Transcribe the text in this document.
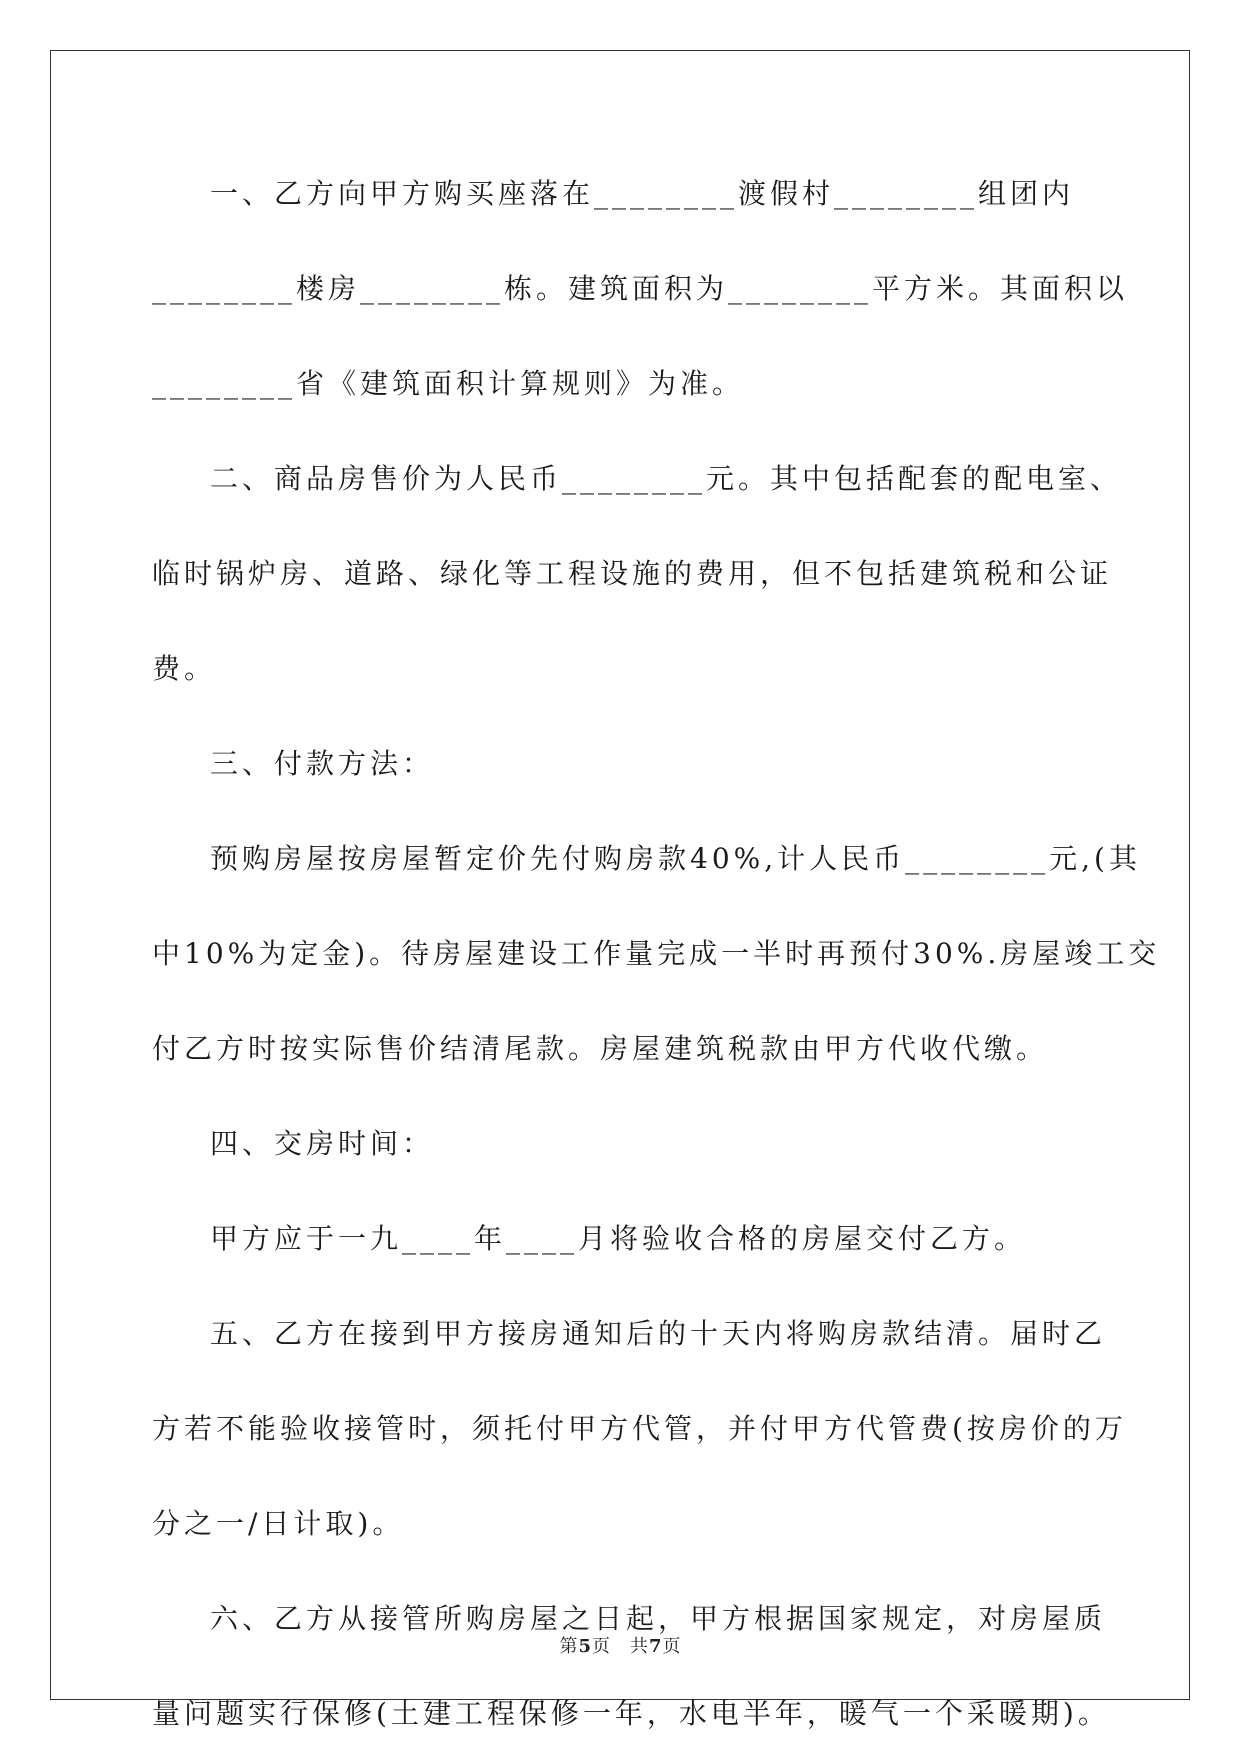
一、乙方向甲方购买座落在________渡假村________组团内
________楼房________栋。建筑面积为________平方米。其面积以
________省《建筑面积计算规则》为准。
二、商品房售价为人民币________元。其中包括配套的配电室、
临时锅炉房、道路、绿化等工程设施的费用，但不包括建筑税和公证
费。
三、付款方法：
预购房屋按房屋暂定价先付购房款40%,计人民币________元,(其
中10%为定金)。待房屋建设工作量完成一半时再预付30%.房屋竣工交
付乙方时按实际售价结清尾款。房屋建筑税款由甲方代收代缴。
四、交房时间：
甲方应于一九____年____月将验收合格的房屋交付乙方。
五、乙方在接到甲方接房通知后的十天内将购房款结清。届时乙
方若不能验收接管时，须托付甲方代管，并付甲方代管费(按房价的万
分之一/日计取)。
六、乙方从接管所购房屋之日起，甲方根据国家规定，对房屋质
量问题实行保修(土建工程保修一年，水电半年，暖气一个采暖期)。
第5页　共7页
